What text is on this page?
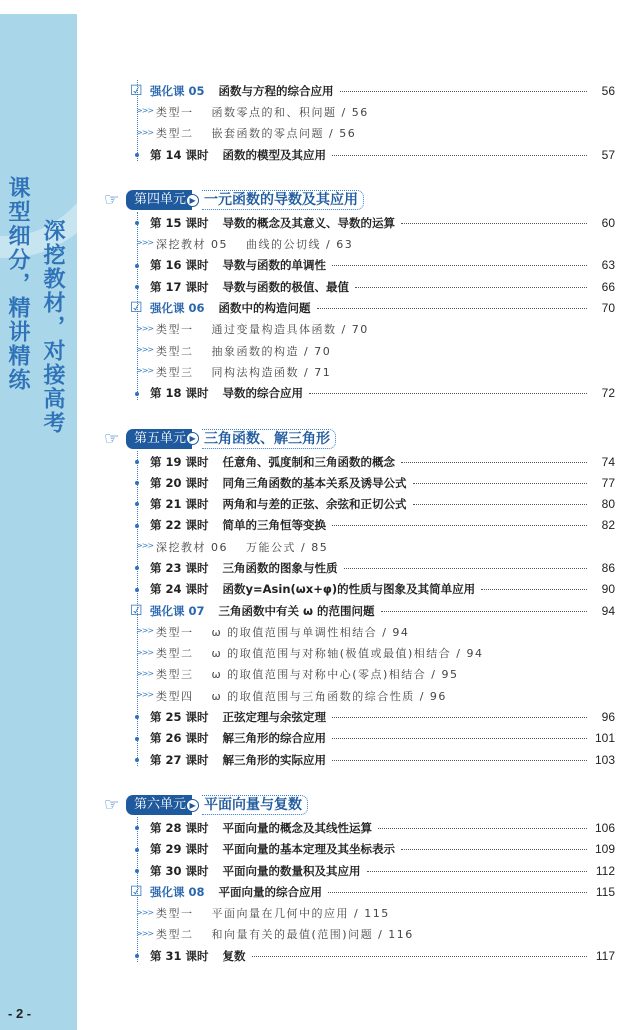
课型细分，精讲精练 深挖教材，对接高考
- 2 -
☑ 强化课 05 函数与方程的综合应用	56
>>> 类型一 函数零点的和、积问题 / 56
>>> 类型二 嵌套函数的零点问题 / 56
第 14 课时 函数的模型及其应用	57
☞	第四单元 ▶ 一元函数的导数及其应用
第 15 课时 导数的概念及其意义、导数的运算	60
>>> 深挖教材 05 曲线的公切线 / 63
第 16 课时 导数与函数的单调性	63
第 17 课时 导数与函数的极值、最值	66
☑ 强化课 06 函数中的构造问题	70
>>> 类型一 通过变量构造具体函数 / 70
>>> 类型二 抽象函数的构造 / 70
>>> 类型三 同构法构造函数 / 71
第 18 课时 导数的综合应用	72
☞	第五单元 ▶ 三角函数、解三角形
第 19 课时 任意角、弧度制和三角函数的概念	74
第 20 课时 同角三角函数的基本关系及诱导公式	77
第 21 课时 两角和与差的正弦、余弦和正切公式	80
第 22 课时 简单的三角恒等变换	82
>>> 深挖教材 06 万能公式 / 85
第 23 课时 三角函数的图象与性质	86
第 24 课时 函数y=Asin(ωx+φ)的性质与图象及其简单应用	90
☑ 强化课 07 三角函数中有关 ω 的范围问题	94
>>> 类型一 ω 的取值范围与单调性相结合 / 94
>>> 类型二 ω 的取值范围与对称轴(极值或最值)相结合 / 94
>>> 类型三 ω 的取值范围与对称中心(零点)相结合 / 95
>>> 类型四 ω 的取值范围与三角函数的综合性质 / 96
第 25 课时 正弦定理与余弦定理	96
第 26 课时 解三角形的综合应用	101
第 27 课时 解三角形的实际应用	103
☞	第六单元 ▶ 平面向量与复数
第 28 课时 平面向量的概念及其线性运算	106
第 29 课时 平面向量的基本定理及其坐标表示	109
第 30 课时 平面向量的数量积及其应用	112
☑ 强化课 08 平面向量的综合应用	115
>>> 类型一 平面向量在几何中的应用 / 115
>>> 类型二 和向量有关的最值(范围)问题 / 116
第 31 课时 复数	117
